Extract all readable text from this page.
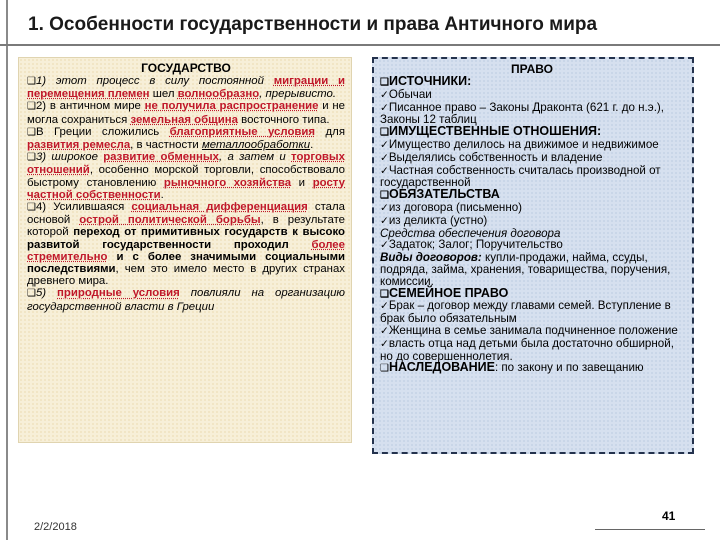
1. Особенности государственности и права Античного мира
ГОСУДАРСТВО

❑1) этот процесс в силу постоянной миграции и перемещения племен шел волнообразно, прерывисто.

❑2) в античном мире не получила распространение и не могла сохраниться земельная община восточного типа.

❑В Греции сложились благоприятные условия для развития ремесла, в частности металлообработки.

❑3) широкое развитие обменных, а затем и торговых отношений, особенно морской торговли, способствовало быстрому становлению рыночного хозяйства и росту частной собственности.

❑4) Усилившаяся социальная дифференциация стала основой острой политической борьбы, в результате которой переход от примитивных государств к высоко развитой государственности проходил более стремительно и с более значимыми социальными последствиями, чем это имело место в других странах древнего мира.

❑5) природные условия повлияли на организацию государственной власти в Греции

ПРАВО

❑ИСТОЧНИКИ:

✓Обычаи

✓Писанное право – Законы Драконта (621 г. до н.э.), Законы 12 таблиц

❑ИМУЩЕСТВЕННЫЕ ОТНОШЕНИЯ:

✓Имущество делилось на движимое и недвижимое

✓Выделялись собственность и владение

✓Частная собственность считалась производной от государственной

❑ОБЯЗАТЕЛЬСТВА

✓из договора (письменно)

✓из деликта (устно)

Средства обеспечения договора

✓Задаток; Залог; Поручительство

Виды договоров: купли-продажи, найма, ссуды, подряда, займа, хранения, товарищества, поручения, комиссии.

❑СЕМЕЙНОЕ ПРАВО

✓Брак – договор между главами семей. Вступление в брак было обязательным

✓Женщина в семье занимала подчиненное положение

✓власть отца над детьми была достаточно обширной, но до совершеннолетия.

❑НАСЛЕДОВАНИЕ: по закону и по завещанию

2/2/2018
41
